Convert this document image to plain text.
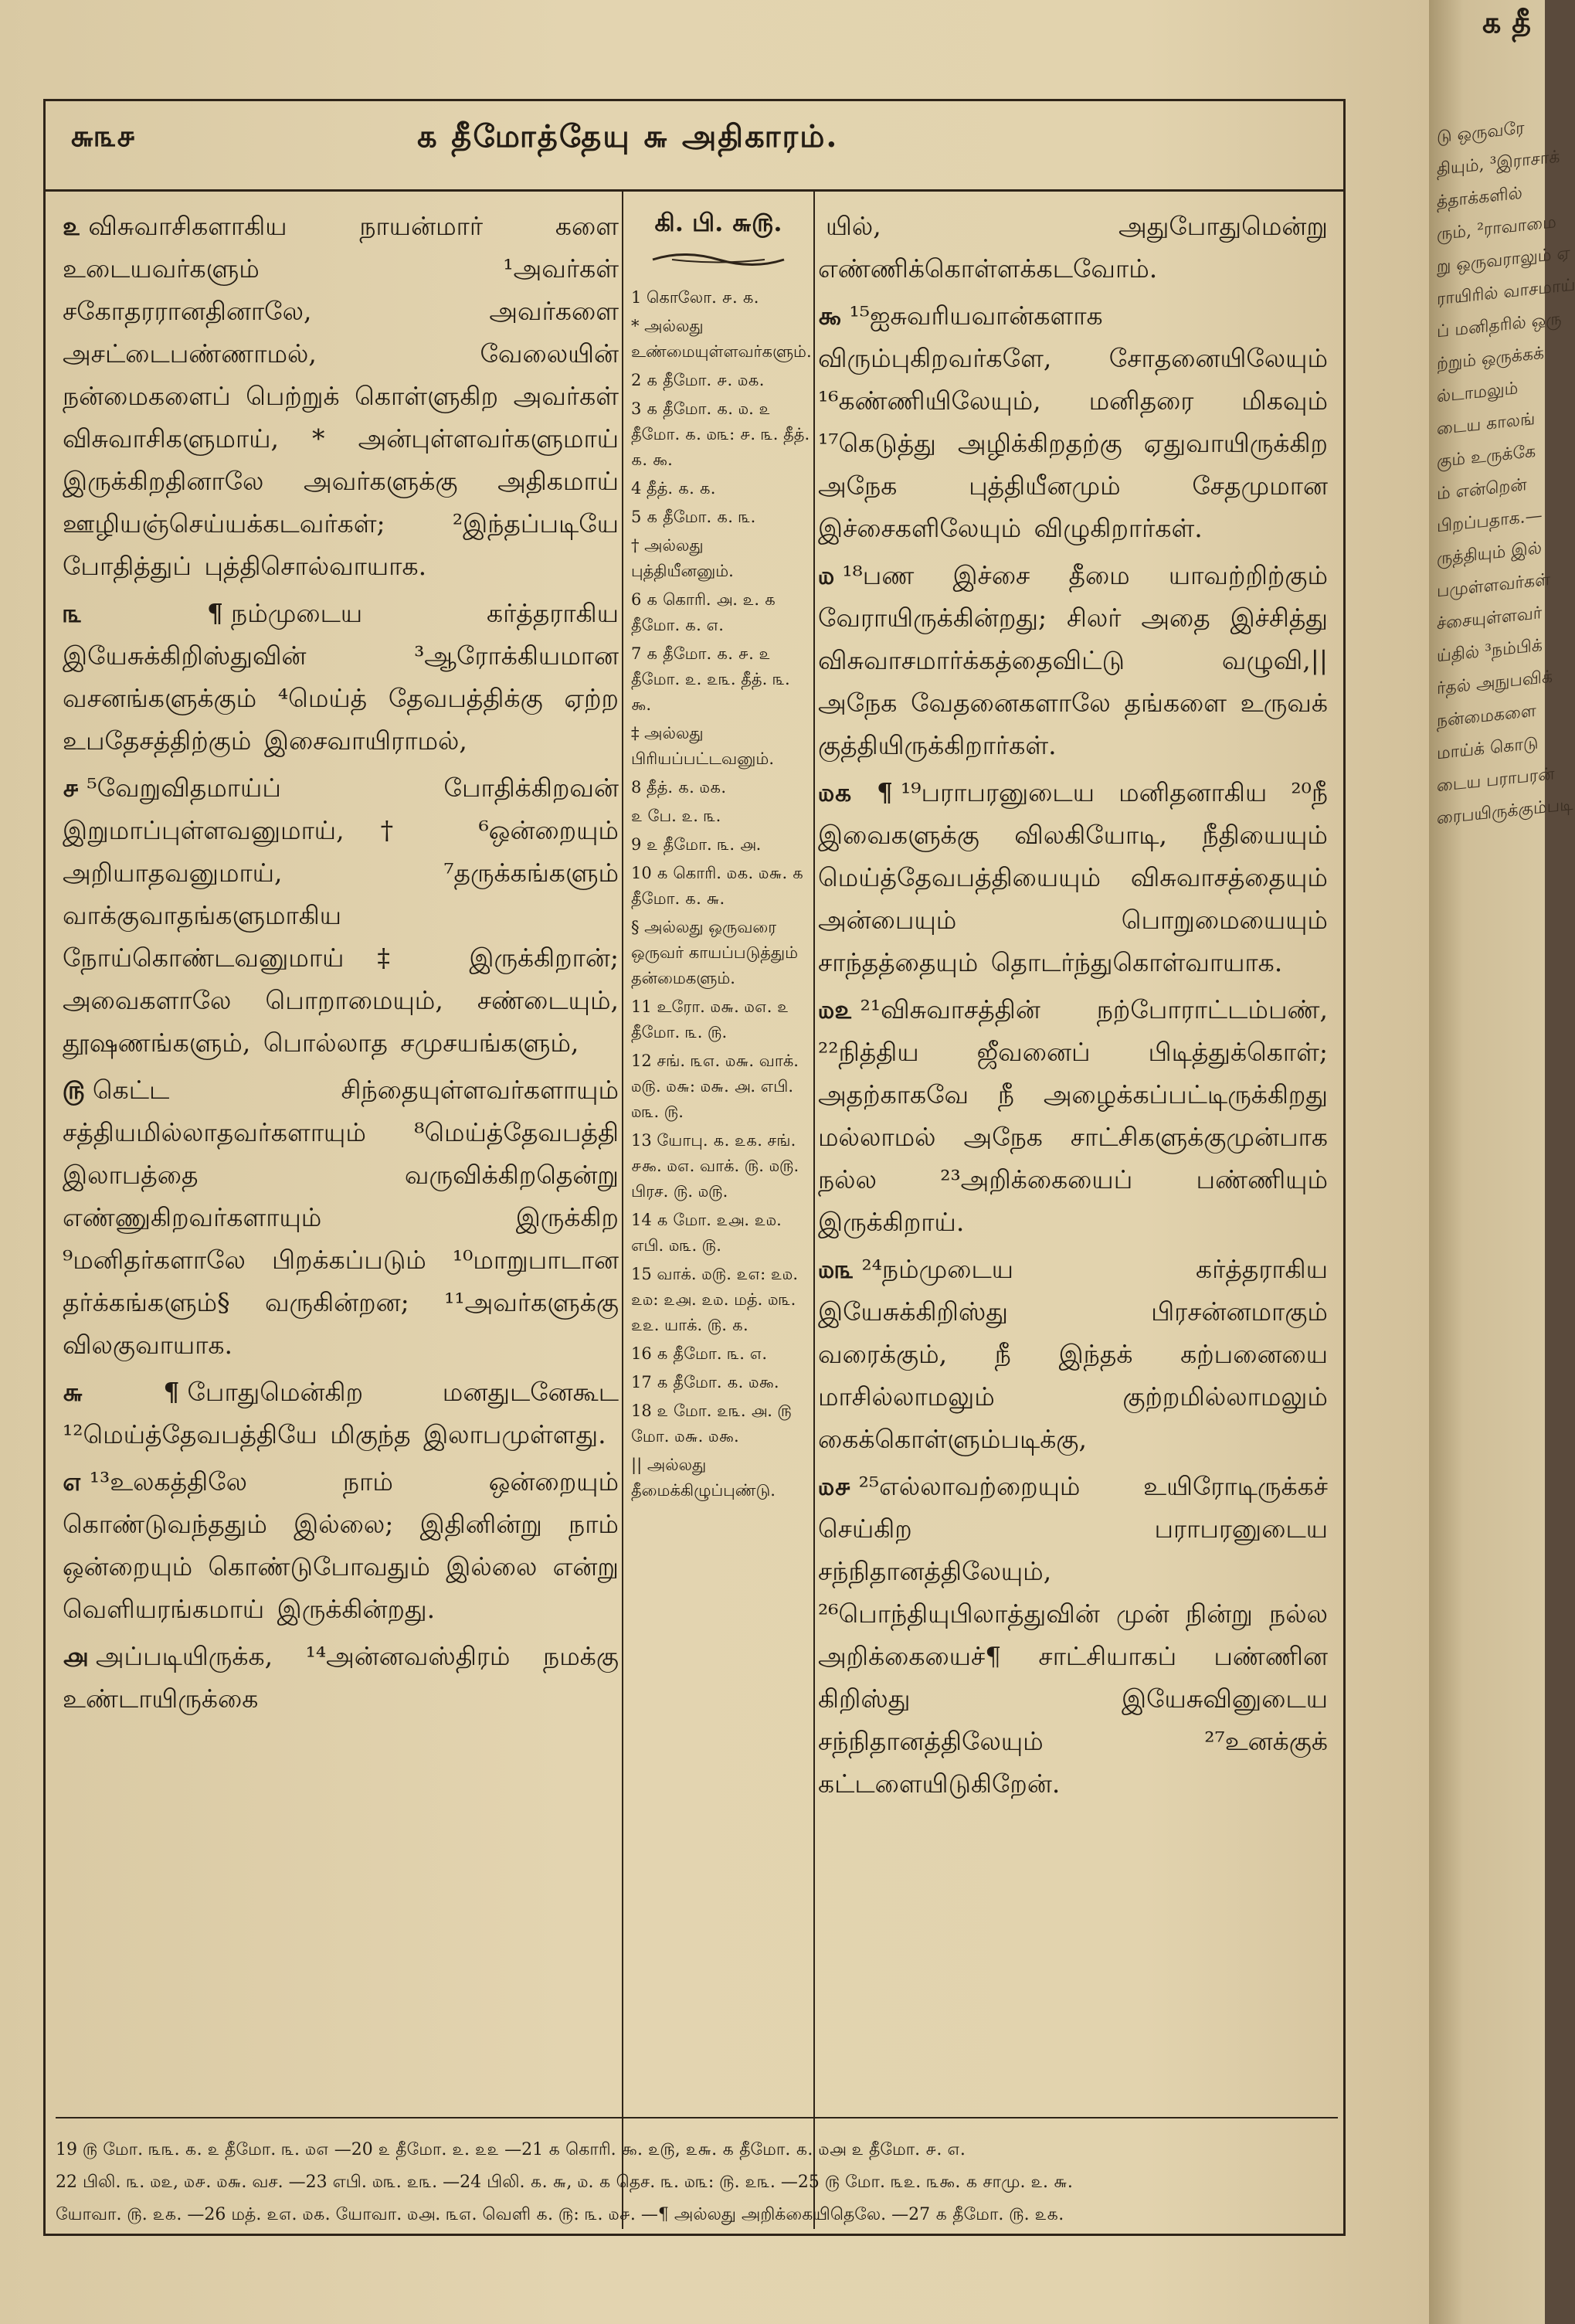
௬௩௪	௧ தீமோத்தேயு ௬ அதிகாரம்.

௨ விசுவாசிகளாகிய நாயன்மார் களை உடையவர்களும் ¹அவர்கள் சகோதரரானதினாலே, அவர்களை அசட்டைபண்ணாமல், வேலையின் நன்மைகளைப் பெற்றுக் கொள்ளுகிற அவர்கள் விசுவாசிகளுமாய், * அன்புள்ளவர்களுமாய் இருக்கிறதினாலே அவர்களுக்கு அதிகமாய் ஊழியஞ்செய்யக்கடவர்கள்; ²இந்தப்படியே போதித்துப் புத்திசொல்வாயாக.

௩ ¶ நம்முடைய கர்த்தராகிய இயேசுக்கிறிஸ்துவின் ³ஆரோக்கியமான வசனங்களுக்கும் ⁴மெய்த் தேவபத்திக்கு ஏற்ற உபதேசத்திற்கும் இசைவாயிராமல்,

௪ ⁵வேறுவிதமாய்ப் போதிக்கிறவன் இறுமாப்புள்ளவனுமாய்,† ⁶ஒன்றையும் அறியாதவனுமாய், ⁷தருக்கங்களும் வாக்குவாதங்களுமாகிய நோய்கொண்டவனுமாய்‡ இருக்கிறான்; அவைகளாலே பொறாமையும், சண்டையும், தூஷணங்களும், பொல்லாத சமுசயங்களும்,

௫ கெட்ட சிந்தையுள்ளவர்களாயும் சத்தியமில்லாதவர்களாயும் ⁸மெய்த்தேவபத்தி இலாபத்தை வருவிக்கிறதென்று எண்ணுகிறவர்களாயும் இருக்கிற ⁹மனிதர்களாலே பிறக்கப்படும் ¹⁰மாறுபாடான தர்க்கங்களும்§ வருகின்றன; ¹¹அவர்களுக்கு விலகுவாயாக.

௬ ¶ போதுமென்கிற மனதுடனேகூட ¹²மெய்த்தேவபத்தியே மிகுந்த இலாபமுள்ளது.

௭ ¹³உலகத்திலே நாம் ஒன்றையும் கொண்டுவந்ததும் இல்லை; இதினின்று நாம் ஒன்றையும் கொண்டுபோவதும் இல்லை என்று வெளியரங்கமாய் இருக்கின்றது.

௮ அப்படியிருக்க, ¹⁴அன்னவஸ்திரம் நமக்கு உண்டாயிருக்கை

கி. பி. ௬௫.
1 கொலோ. ௪. ௧.
* அல்லது உண்மையுள்ளவர்களும்.
2 ௧ தீமோ. ௪. ௰௧.
3 ௧ தீமோ. ௧. ௰. ௨ தீமோ. ௧. ௰௩: ௪. ௩. தீத். ௧. ௯.
4 தீத். ௧. ௧.
5 ௧ தீமோ. ௧. ௩.
† அல்லது புத்தியீனனும்.
6 ௧ கொரி. ௮. ௨. ௧ தீமோ. ௧. ௭.
7 ௧ தீமோ. ௧. ௪. ௨ தீமோ. ௨. ௨௩. தீத். ௩. ௯.
‡ அல்லது பிரியப்பட்டவனும்.
8 தீத். ௧. ௰௧.
௨ பே. ௨. ௩.
9 ௨ தீமோ. ௩. ௮.
10 ௧ கொரி. ௰௧. ௰௬. ௧ தீமோ. ௧. ௬.
§ அல்லது ஒருவரை ஒருவர் காயப்படுத்தும் தன்மைகளும்.
11 உரோ. ௰௬. ௰௭. ௨ தீமோ. ௩. ௫.
12 சங். ௩௭. ௰௬. வாக். ௰௫. ௰௬: ௰௬. ௮. எபி. ௰௩. ௫.
13 யோபு. ௧. ௨௧. சங். ௪௯. ௰௭. வாக். ௫. ௰௫. பிரச. ௫. ௰௫.
14 ௧ மோ. ௨௮. ௨௰. எபி. ௰௩. ௫.
15 வாக். ௰௫. ௨௭: ௨௰. ௨௰: ௨௮. ௨௰. மத். ௰௩. ௨௨. யாக். ௫. ௧.
16 ௧ தீமோ. ௩. ௭.
17 ௧ தீமோ. ௧. ௰௯.
18 ௨ மோ. ௨௩. ௮. ௫ மோ. ௰௬. ௰௯.
|| அல்லது தீமைக்கிழுப்புண்டு.

யில், அதுபோதுமென்று எண்ணிக்கொள்ளக்கடவோம்.

௯ ¹⁵ஐசுவரியவான்களாக விரும்புகிறவர்களே, சோதனையிலேயும் ¹⁶கண்ணியிலேயும், மனிதரை மிகவும் ¹⁷கெடுத்து அழிக்கிறதற்கு ஏதுவாயிருக்கிற அநேக புத்தியீனமும் சேதமுமான இச்சைகளிலேயும் விழுகிறார்கள்.

௰ ¹⁸பண இச்சை தீமை யாவற்றிற்கும் வேராயிருக்கின்றது; சிலர் அதை இச்சித்து விசுவாசமார்க்கத்தைவிட்டு வழுவி,|| அநேக வேதனைகளாலே தங்களை உருவக் குத்தியிருக்கிறார்கள்.

௰௧ ¶ ¹⁹பராபரனுடைய மனிதனாகிய ²⁰நீ இவைகளுக்கு விலகியோடி, நீதியையும் மெய்த்தேவபத்தியையும் விசுவாசத்தையும் அன்பையும் பொறுமையையும் சாந்தத்தையும் தொடர்ந்துகொள்வாயாக.

௰௨ ²¹விசுவாசத்தின் நற்போராட்டம்பண், ²²நித்திய ஜீவனைப் பிடித்துக்கொள்; அதற்காகவே நீ அழைக்கப்பட்டிருக்கிறது மல்லாமல் அநேக சாட்சிகளுக்குமுன்பாக நல்ல ²³அறிக்கையைப் பண்ணியும் இருக்கிறாய்.

௰௩ ²⁴நம்முடைய கர்த்தராகிய இயேசுக்கிறிஸ்து பிரசன்னமாகும் வரைக்கும், நீ இந்தக் கற்பனையை மாசில்லாமலும் குற்றமில்லாமலும் கைக்கொள்ளும்படிக்கு,

௰௪ ²⁵எல்லாவற்றையும் உயிரோடிருக்கச் செய்கிற பராபரனுடைய சந்நிதானத்திலேயும், ²⁶பொந்தியுபிலாத்துவின் முன் நின்று நல்ல அறிக்கையைச்¶ சாட்சியாகப் பண்ணின கிறிஸ்து இயேசுவினுடைய சந்நிதானத்திலேயும் ²⁷உனக்குக் கட்டளையிடுகிறேன்.

19 ௫ மோ. ௩௩. ௧. ௨ தீமோ. ௩. ௰௭ —20 ௨ தீமோ. ௨. ௨௨ —21 ௧ கொரி. ௯. ௨௫, ௨௬. ௧ தீமோ. ௧. ௰௮ ௨ தீமோ. ௪. ௭.
22 பிலி. ௩. ௰௨, ௰௪. ௰௬. வச. —23 எபி. ௰௩. ௨௩. —24 பிலி. ௧. ௬, ௰. ௧ தெச. ௩. ௰௩: ௫. ௨௩. —25 ௫ மோ. ௩௨. ௩௯. ௧ சாமு. ௨. ௬.
யோவா. ௫. ௨௧. —26 மத். ௨௭. ௰௧. யோவா. ௰௮. ௩௭. வெளி ௧. ௫: ௩. ௰௪. —¶ அல்லது அறிக்கையிதெலே. —27 ௧ தீமோ. ௫. ௨௧.
௧ தீ
டு ஒருவரே
தியும், ³இராசாக்
த்தாக்களில்
ரும், ²ராவாமை
று ஒருவராலும் ஏ
ராயிரில் வாசமாய்
ப் மனிதரில் ஒரு
ற்றும் ஒருக்கக்
ல்டாமலும்
டைய காலங்
கும் உருக்கே
ம் என்றென்
பிறப்பதாக.—
ருத்தியும் இல்
பமுள்ளவர்கள்
ச்சையுள்ளவர்
ய்தில் ³நம்பிக்
ர்தல் அநுபவிக்
நன்மைகளை
மாய்க் கொடு
டைய பராபரன்
ரைபயிருக்கும்படி
